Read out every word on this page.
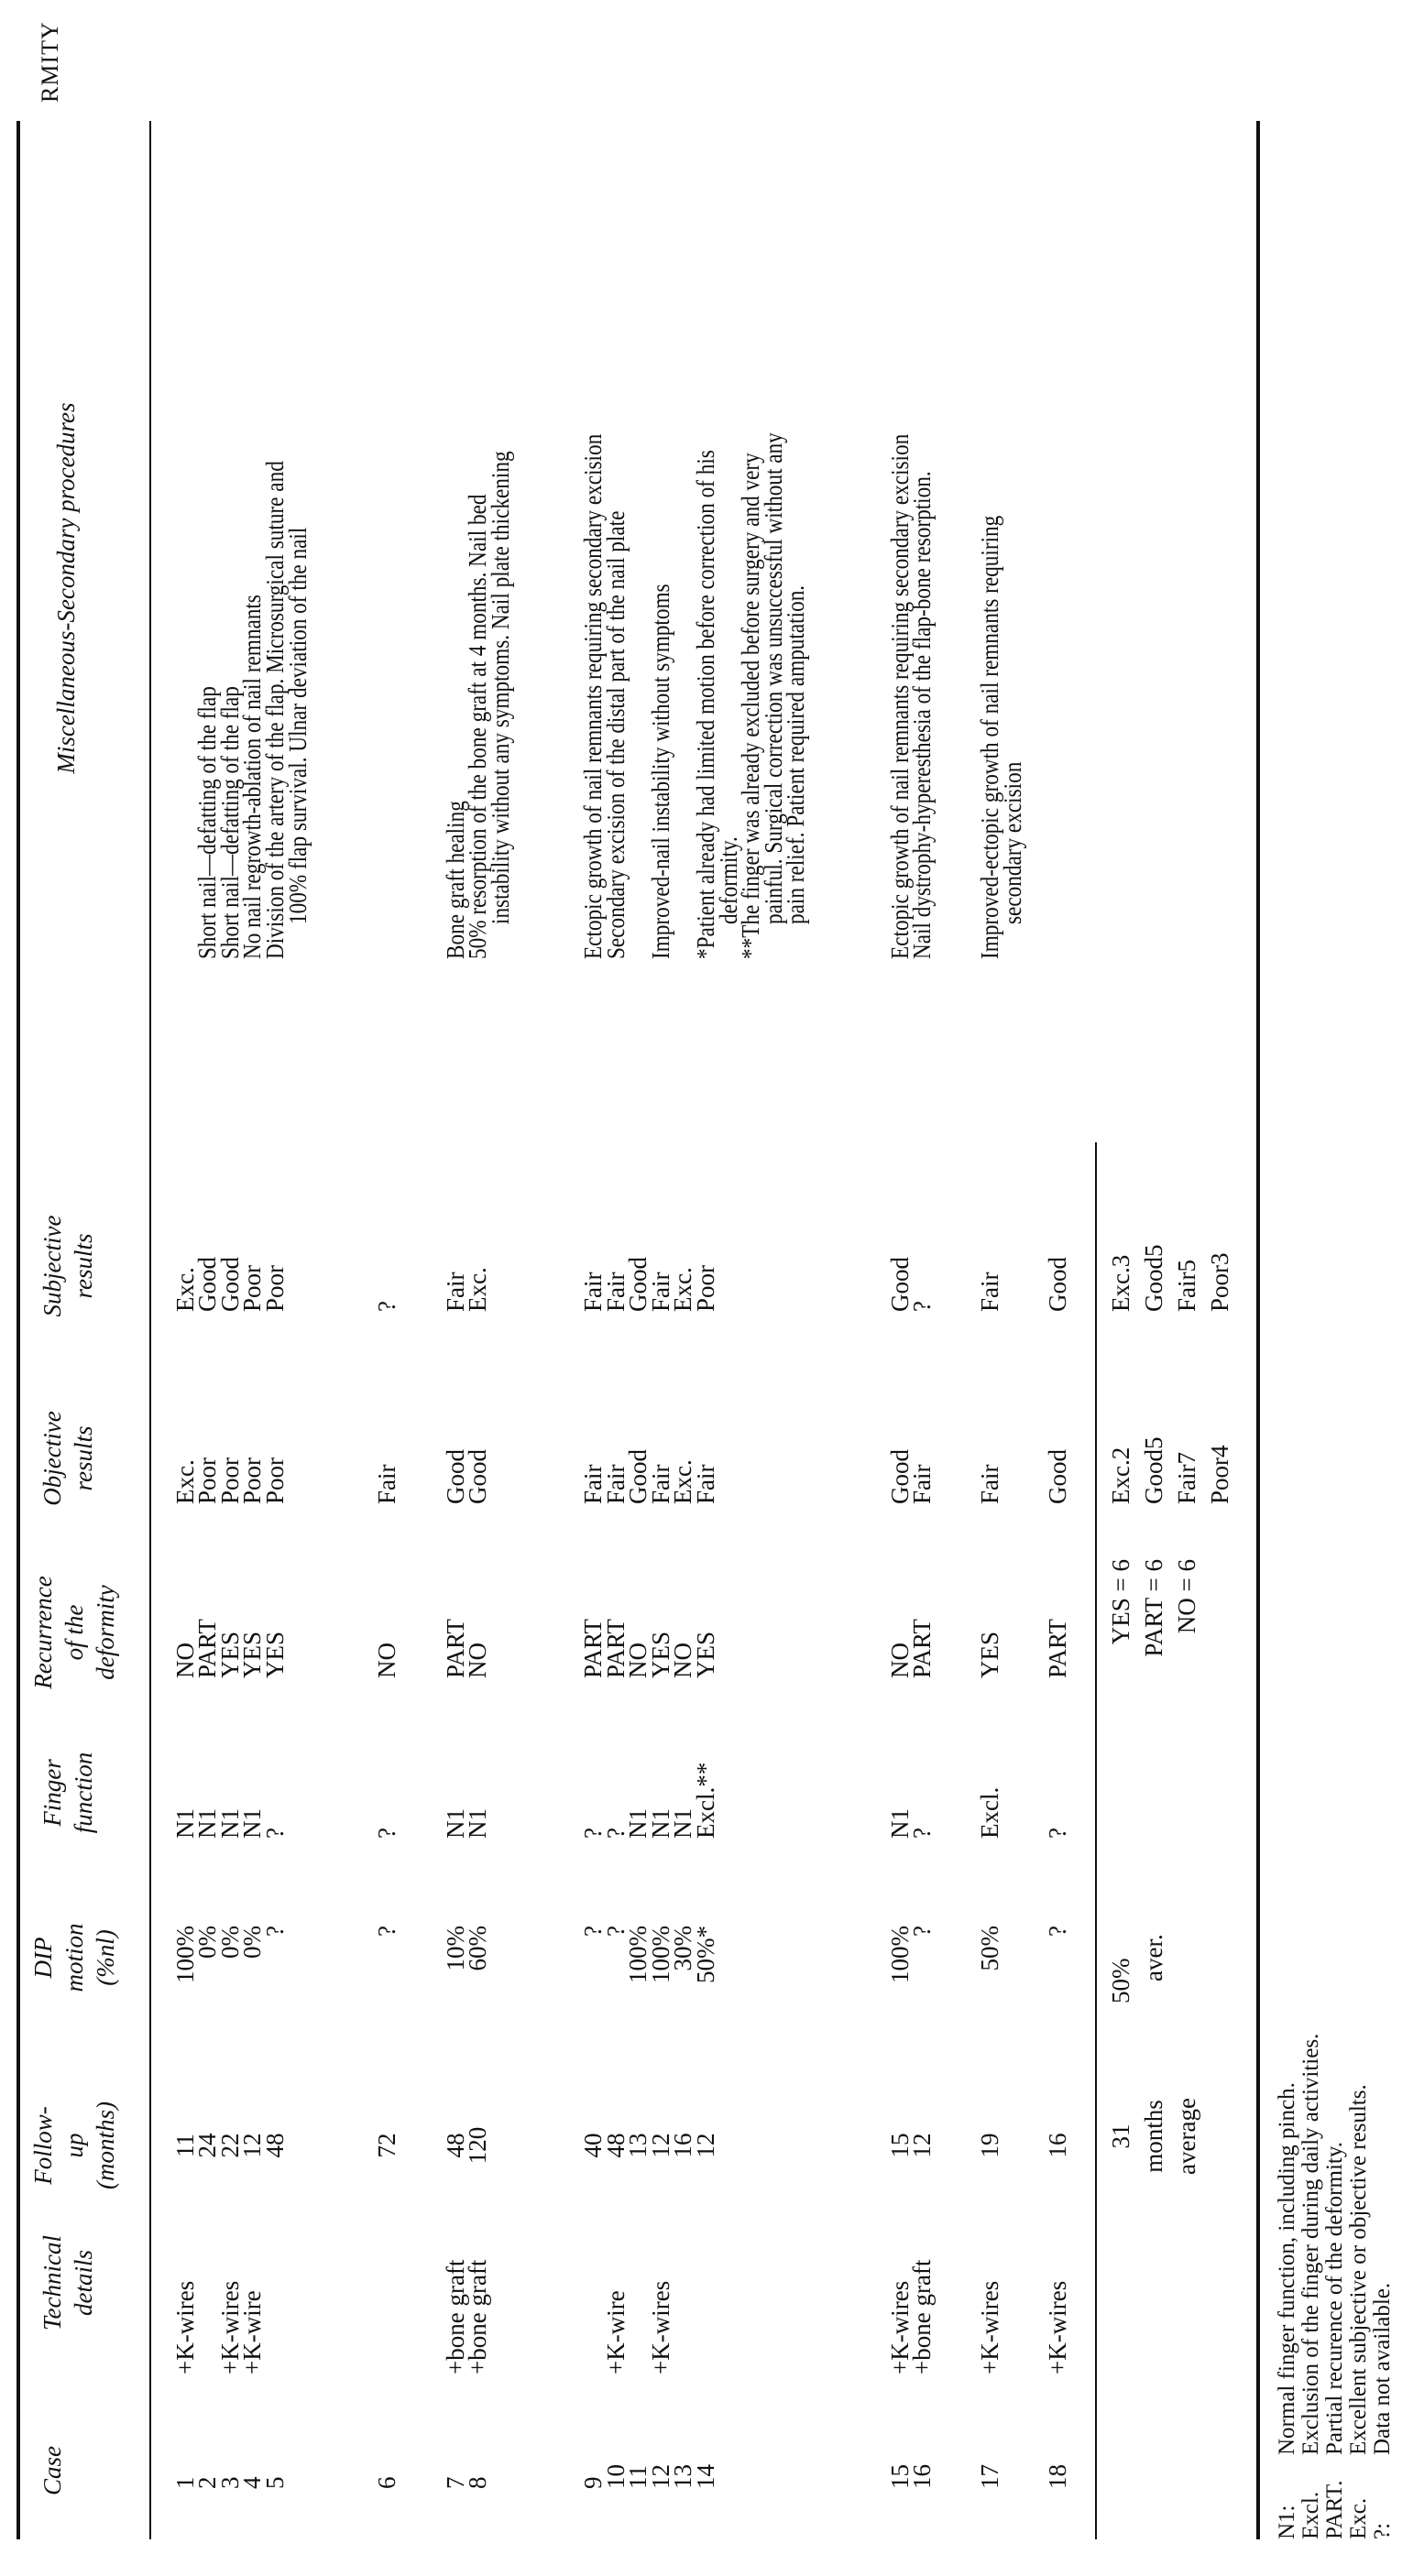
RMITY
Case
Technical details
Follow- up (months)
DIP motion (%nl)
Finger function
Recurrence of the deformity
Objective results
Subjective results
Miscellaneous-Secondary procedures
1
+K-wires
11
100%
N1
NO
Exc.
Exc.
2
24
0%
N1
PART
Poor
Good
Short nail—defatting of the flap
3
+K-wires
22
0%
N1
YES
Poor
Good
Short nail—defatting of the flap
4
+K-wire
12
0%
N1
YES
Poor
Poor
No nail regrowth-ablation of nail remnants
5
48
?
?
YES
Poor
Poor
Division of the artery of the flap. Microsurgical suture and
100% flap survival. Ulnar deviation of the nail
6
72
?
?
NO
Fair
?
7
+bone graft
48
10%
N1
PART
Good
Fair
Bone graft healing
8
+bone graft
120
60%
N1
NO
Good
Exc.
50% resorption of the bone graft at 4 months. Nail bed
instability without any symptoms. Nail plate thickening
9
40
?
?
PART
Fair
Fair
Ectopic growth of nail remnants requiring secondary excision
10
+K-wire
48
?
?
PART
Fair
Fair
Secondary excision of the distal part of the nail plate
11
13
100%
N1
NO
Good
Good
12
+K-wires
12
100%
N1
YES
Fair
Fair
Improved-nail instability without symptoms
13
16
30%
N1
NO
Exc.
Exc.
14
12
50%*
Excl.**
YES
Fair
Poor
*Patient already had limited motion before correction of his
deformity.
**The finger was already excluded before surgery and very
painful. Surgical correction was unsuccessful without any
pain relief. Patient required amputation.
15
+K-wires
15
100%
N1
NO
Good
Good
Ectopic growth of nail remnants requiring secondary excision
16
+bone graft
12
?
?
PART
Fair
?
Nail dystrophy-hyperesthesia of the flap-bone resorption.
17
+K-wires
19
50%
Excl.
YES
Fair
Fair
Improved-ectopic growth of nail remnants requiring
secondary excision
18
+K-wires
16
?
?
PART
Good
Good
31 months average
50% aver.
YES = 6 PART = 6 NO = 6
Exc.2 Good5 Fair7 Poor4
Exc.3 Good5 Fair5 Poor3
N1:Normal finger function, including pinch.
Excl.Exclusion of the finger during daily activities.
PART.Partial recurence of the deformity.
Exc.Excellent subjective or objective results.
?:Data not available.
